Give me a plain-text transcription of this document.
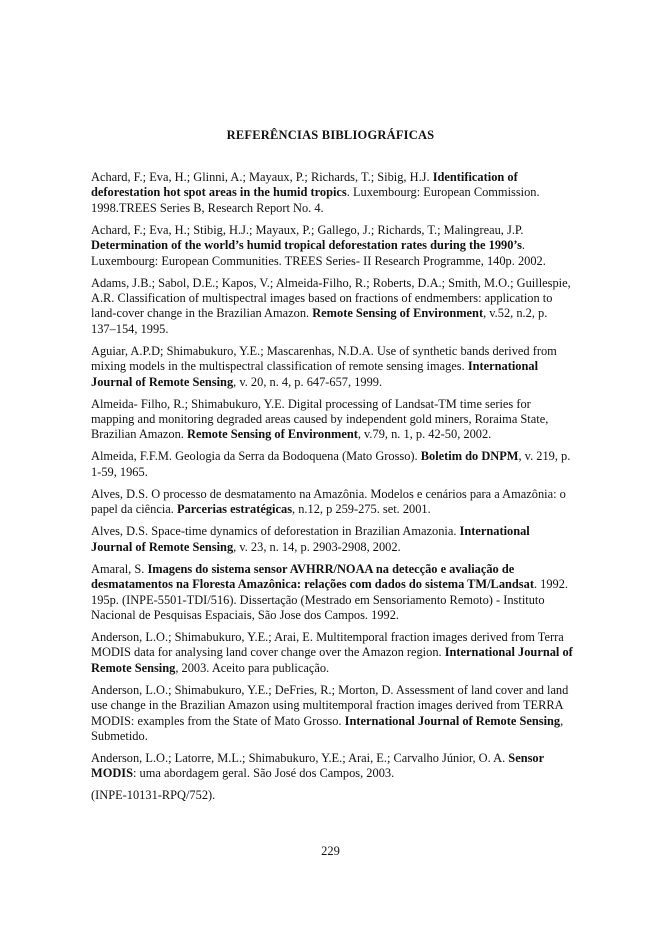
REFERÊNCIAS BIBLIOGRÁFICAS

Achard, F.; Eva, H.; Glinni, A.; Mayaux, P.; Richards, T.; Sibig, H.J. Identification of deforestation hot spot areas in the humid tropics. Luxembourg: European Commission. 1998.TREES Series B, Research Report No. 4.

Achard, F.; Eva, H.; Stibig, H.J.; Mayaux, P.; Gallego, J.; Richards, T.; Malingreau, J.P. Determination of the world’s humid tropical deforestation rates during the 1990’s. Luxembourg: European Communities. TREES Series- II Research Programme, 140p. 2002.

Adams, J.B.; Sabol, D.E.; Kapos, V.; Almeida-Filho, R.; Roberts, D.A.; Smith, M.O.; Guillespie, A.R. Classification of multispectral images based on fractions of endmembers: application to land-cover change in the Brazilian Amazon. Remote Sensing of Environment, v.52, n.2, p. 137–154, 1995.

Aguiar, A.P.D; Shimabukuro, Y.E.; Mascarenhas, N.D.A. Use of synthetic bands derived from mixing models in the multispectral classification of remote sensing images. International Journal of Remote Sensing, v. 20, n. 4, p. 647-657, 1999.

Almeida- Filho, R.; Shimabukuro, Y.E. Digital processing of Landsat-TM time series for mapping and monitoring degraded areas caused by independent gold miners, Roraima State, Brazilian Amazon. Remote Sensing of Environment, v.79, n. 1, p. 42-50, 2002.

Almeida, F.F.M. Geologia da Serra da Bodoquena (Mato Grosso). Boletim do DNPM, v. 219, p. 1-59, 1965.

Alves, D.S. O processo de desmatamento na Amazônia. Modelos e cenários para a Amazônia: o papel da ciência. Parcerias estratégicas, n.12, p 259-275. set. 2001.

Alves, D.S. Space-time dynamics of deforestation in Brazilian Amazonia. International Journal of Remote Sensing, v. 23, n. 14, p. 2903-2908, 2002.

Amaral, S. Imagens do sistema sensor AVHRR/NOAA na detecção e avaliação de desmatamentos na Floresta Amazônica: relações com dados do sistema TM/Landsat. 1992. 195p. (INPE-5501-TDI/516). Dissertação (Mestrado em Sensoriamento Remoto) - Instituto Nacional de Pesquisas Espaciais, São Jose dos Campos. 1992.

Anderson, L.O.; Shimabukuro, Y.E.; Arai, E. Multitemporal fraction images derived from Terra MODIS data for analysing land cover change over the Amazon region. International Journal of Remote Sensing, 2003. Aceito para publicação.

Anderson, L.O.; Shimabukuro, Y.E.; DeFries, R.; Morton, D. Assessment of land cover and land use change in the Brazilian Amazon using multitemporal fraction images derived from TERRA MODIS: examples from the State of Mato Grosso. International Journal of Remote Sensing, Submetido.

Anderson, L.O.; Latorre, M.L.; Shimabukuro, Y.E.; Arai, E.; Carvalho Júnior, O. A. Sensor MODIS: uma abordagem geral. São José dos Campos, 2003.

(INPE-10131-RPQ/752).

229
